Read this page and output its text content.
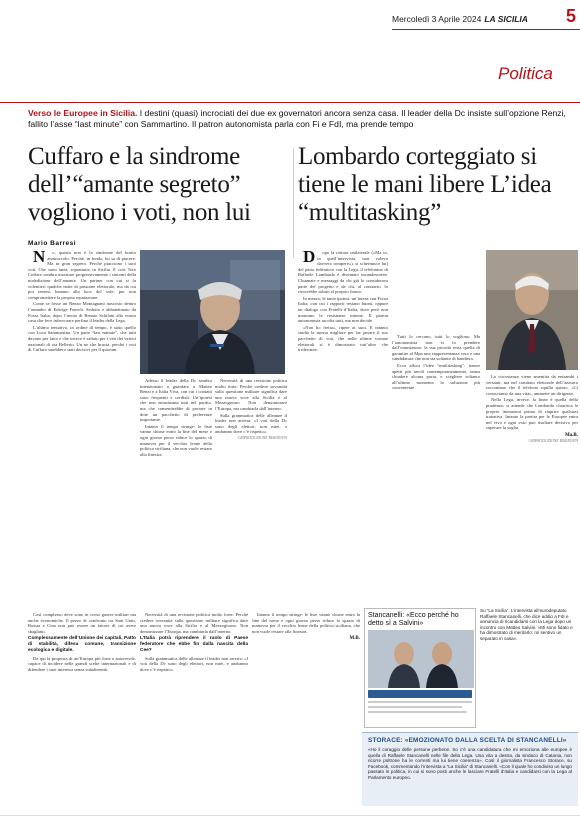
Mercoledì 3 Aprile 2024 LA SICILIA 5
Politica
Verso le Europee in Sicilia. I destini (quasi) incrociati dei due ex governatori ancora senza casa. Il leader della Dc insiste sull’opzione Renzi, fallito l’asse “last minute” con Sammartino. Il patron autonomista parla con Fi e FdI, ma prende tempo
Cuffaro e la sindrome dell’“amante segreto” vogliono i voti, non lui
Lombardo corteggiato si tiene le mani libere L’idea “multitasking”
Mario Barresi

No, questa non è la sindrome del brutto anatroccolo. Perché, in fondo, lui sa di piacere. Ma in gran segreto. Perché piacciono i suoi voti. Che sono tanti, soprattutto in Sicilia. E così Totò Cuffaro sembra mostrare progressivamente i sintomi della maledizione dell’amante. Un partner con cui si fa volentieri qualche notte di passione elettorale, ma da cui poi tenersi lontano alla luce del sole, per non compromettere la propria reputazione.

Come se fosse un Renzo Montagnani nascosto dentro l’armadio di Edwige Fenech. Sedotto e abbandonato da Forza Italia, dopo l’invito di Renato Schifani alla vostra casa che fece infervorare perfino il leader della Lega.

L’ultimo tentativo, in ordine di tempo, è stato quello con Luca Sammartino. Un patto “last minute”, che tutti davano per fatto e che invece è saltato per i veti dei vertici nazionali di via Bellerio. Un no che brucia, perché i voti di Cuffaro sarebbero stati decisivi per il quorum.

Adesso il leader della Dc sembra intenzionato a guardare a Matteo Renzi e a Italia Viva, con cui i contatti sono frequenti e cordiali. Un’ipotesi che non entusiasma tutti nel partito, ma che consentirebbe di portare in dote un pacchetto di preferenze importante.

Intanto il tempo stringe: le liste vanno chiuse entro la fine del mese e ogni giorno perso riduce lo spazio di manovra per il vecchio leone della politica siciliana, che non vuole restare alla finestra.

Necessità di una revisione politica molto forte. Perché credere sovranità sulla questione militare significa dare una nuova voce alla Sicilia e al Mezzogiorno. Non demonizzare l’Europa, ma cambiarla dall’interno.

Sulla grammatica delle alleanze il leader non arretra: «I voti della Dc sono degli elettori, non miei, e andranno dove c’è rispetto».

©RIPRODUZIONE RISERVATA

Così complesso deve sono in corso guerre militari ma anche economiche. Il pezzo di confronto tra Stati Uniti, Russia e Cina non può essere un fattore di cui avere sbagliato.

Complessamente dell’Unione dei capitali, Patto di stabilità, difesa comune, transizione ecologica e digitale.

Da qui la proposta di un’Europa più forte e autorevole, capace di incidere nelle grandi scelte internazionali e di difendere i suoi interessi senza subalternità.

Necessità di una revisione politica molto forte. Perché credere sovranità sulla questione militare significa dare una nuova voce alla Sicilia e al Mezzogiorno. Non demonizzare l’Europa, ma cambiarla dall’interno.

L’Italia potrà riprendere il ruolo di Paese federatore che ebbe fin dalla nascita della Cee?

Sulla grammatica delle alleanze il leader non arretra: «I voti della Dc sono degli elettori, non miei, e andranno dove c’è rispetto».

Intanto il tempo stringe: le liste vanno chiuse entro la fine del mese e ogni giorno perso riduce lo spazio di manovra per il vecchio leone della politica siciliana, che non vuole restare alla finestra.

M.B.

Dopo la rottura unilaterale («Ma io, in quell’intervista, non volevo davvero rompere»), si schermisce lui) del patto federativo con la Lega, il telefonino di Raffaele Lombardo è diventato incandescente. Chiamate e messaggi da chi già lo considerava parte del progetto e da chi, al contrario, lo rivorrebbe subito al proprio fianco.

In mezzo, le tante ipotesi: un’intesa con Forza Italia, con cui i rapporti restano buoni, oppure un dialogo con Fratelli d’Italia, dove però non mancano le resistenze interne. Il patron autonomista ascolta tutti, ma non decide.

«Non ho fretta», ripete ai suoi. E intanto studia la mossa migliore per far pesare il suo pacchetto di voti, che nelle ultime tornate elettorali si è dimostrato tutt’altro che irrilevante.

Tutti lo cercano, tutti lo vogliono. Ma l’autonomista non si fa prendere dall’entusiasmo: la sua priorità resta quella di garantire al Mpa una rappresentanza vera e una candidatura che non sia soltanto di bandiera.

Ecco allora l’idea “multitasking”: tenere aperti più tavoli contemporaneamente, senza chiudere alcuna porta, e scegliere soltanto all’ultimo momento la soluzione più conveniente.

La circostanza viene smentita da entrambi i versanti, ma nel comitato elettorale dell’azzurro raccontano che il telefono squilla spesso. «Ci conosciamo da una vita», ammette un dirigente.

Nella Lega, invece, la linea è quella della prudenza: si attende che Lombardo chiarisca le proprie intenzioni prima di riaprire qualsiasi trattativa. Intanto la partita per le Europee entra nel vivo e ogni voto può risultare decisivo per superare la soglia.

Ma.B.
©RIPRODUZIONE RISERVATA
Stancanelli: «Ecco perché ho detto sì a Salvini»
Su “La Sicilia”. L’intervista all’eurodeputato Raffaele Stancanelli, che dice addio a FdI e annuncia di ricandidarsi con la Lega dopo un incontro con Matteo Salvini. «Mi sono fidato e ha dimostrato di meritarlo: mi sentivo un separato in casa».
STORACE: «EMOZIONATO DALLA SCELTA DI STANCANELLI»
«Ho il coraggio delle persone perbene. So c’è una candidatura che mi emoziona alle europee è quella di Raffaele Stancanelli nelle file della Lega. Una vita a destra, da sindaco di Catania, non ricorre poltrone ha le correnti ma lui tiene coerenza». Così il giornalista Francesco Storace, su Facebook, commentando l’intervista a “La Sicilia” di Stancanelli. «Con il quale ho condiviso un lungo passato in politica, in cui si sono posti anche le lasciare Fratelli d’Italia e candidarsi con la Lega al Parlamento europeo.
